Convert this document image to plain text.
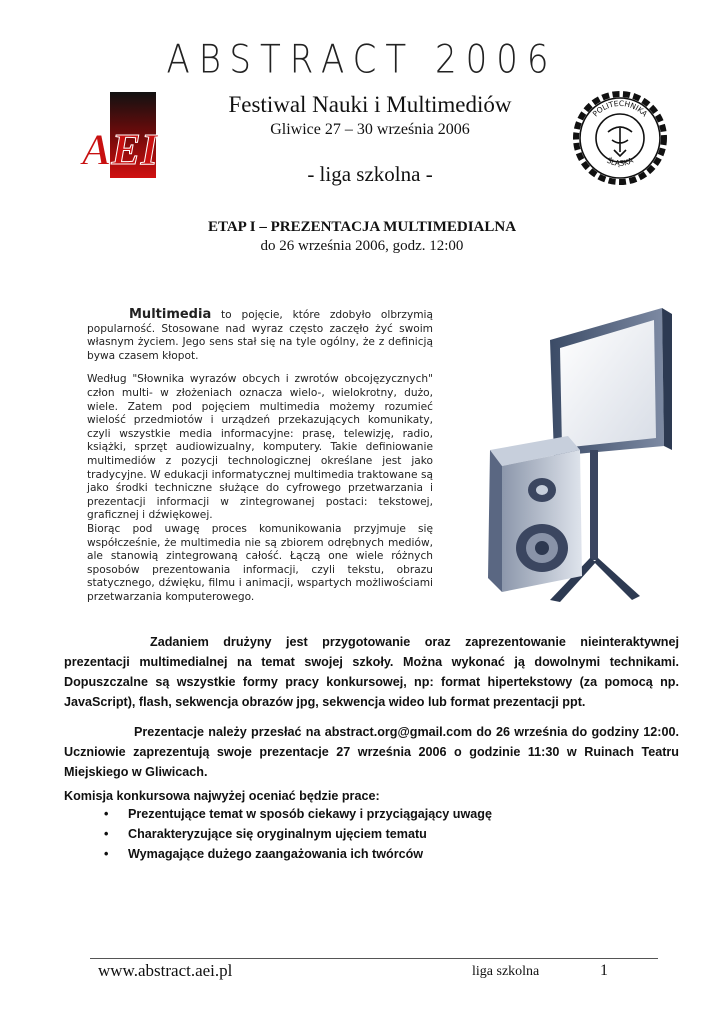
ABSTRACT 2006
AEI
Festiwal Nauki i Multimediów
Gliwice 27 – 30 września 2006
- liga szkolna -
POLITECHNIKA
ŚLĄSKA
ETAP I – PREZENTACJA MULTIMEDIALNA
do 26 września 2006, godz. 12:00

Multimedia to pojęcie, które zdobyło olbrzymią popularność. Stosowane nad wyraz często zaczęło żyć swoim własnym życiem. Jego sens stał się na tyle ogólny, że z definicją bywa czasem kłopot.

Według "Słownika wyrazów obcych i zwrotów obcojęzycznych" człon multi- w złożeniach oznacza wielo-, wielokrotny, dużo, wiele. Zatem pod pojęciem multimedia możemy rozumieć wielość przedmiotów i urządzeń przekazujących komunikaty, czyli wszystkie media informacyjne: prasę, telewizję, radio, książki, sprzęt audiowizualny, komputery. Takie definiowanie multimediów z pozycji technologicznej określane jest jako tradycyjne. W edukacji informatycznej multimedia traktowane są jako środki techniczne służące do cyfrowego przetwarzania i prezentacji informacji w zintegrowanej postaci: tekstowej, graficznej i dźwiękowej.

Biorąc pod uwagę proces komunikowania przyjmuje się współcześnie, że multimedia nie są zbiorem odrębnych mediów, ale stanowią zintegrowaną całość. Łączą one wiele różnych sposobów prezentowania informacji, czyli tekstu, obrazu statycznego, dźwięku, filmu i animacji, wspartych możliwościami przetwarzania komputerowego.

Zadaniem drużyny jest przygotowanie oraz zaprezentowanie nieinteraktywnej prezentacji multimedialnej na temat swojej szkoły. Można wykonać ją dowolnymi technikami. Dopuszczalne są wszystkie formy pracy konkursowej, np: format hipertekstowy (za pomocą np. JavaScript), flash, sekwencja obrazów jpg, sekwencja wideo lub format prezentacji ppt.

Prezentacje należy przesłać na abstract.org@gmail.com do 26 września do godziny 12:00. Uczniowie zaprezentują swoje prezentacje 27 września 2006 o godzinie 11:30 w Ruinach Teatru Miejskiego w Gliwicach.

Komisja konkursowa najwyżej oceniać będzie prace:
• Prezentujące temat w sposób ciekawy i przyciągający uwagę
• Charakteryzujące się oryginalnym ujęciem tematu
• Wymagające dużego zaangażowania ich twórców
www.abstract.aei.pl	liga szkolna	1
